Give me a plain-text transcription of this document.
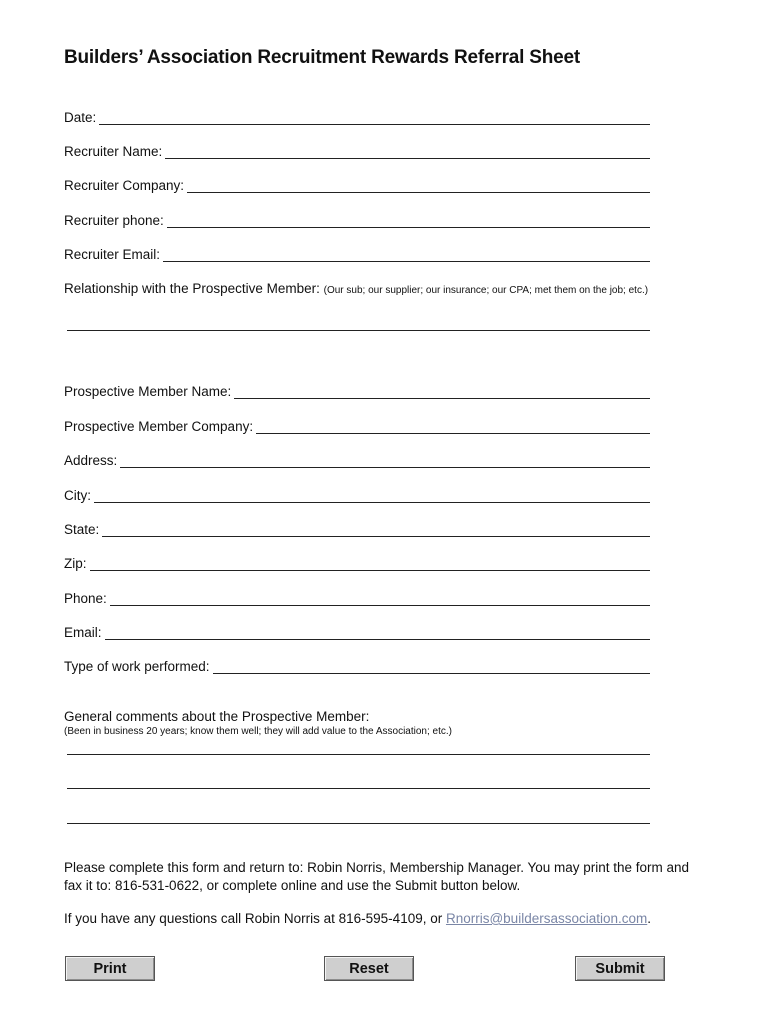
Builders’ Association Recruitment Rewards Referral Sheet
Date:
Recruiter Name:
Recruiter Company:
Recruiter phone:
Recruiter Email:
Relationship with the Prospective Member: (Our sub; our supplier; our insurance; our CPA; met them on the job; etc.)
Prospective Member Name:
Prospective Member Company:
Address:
City:
State:
Zip:
Phone:
Email:
Type of work performed:
General comments about the Prospective Member:
(Been in business 20 years; know them well; they will add value to the Association; etc.)
Please complete this form and return to: Robin Norris, Membership Manager. You may print the form and fax it to: 816-531-0622, or complete online and use the Submit button below.
If you have any questions call Robin Norris at 816-595-4109, or Rnorris@buildersassociation.com.
Print	Reset	Submit
